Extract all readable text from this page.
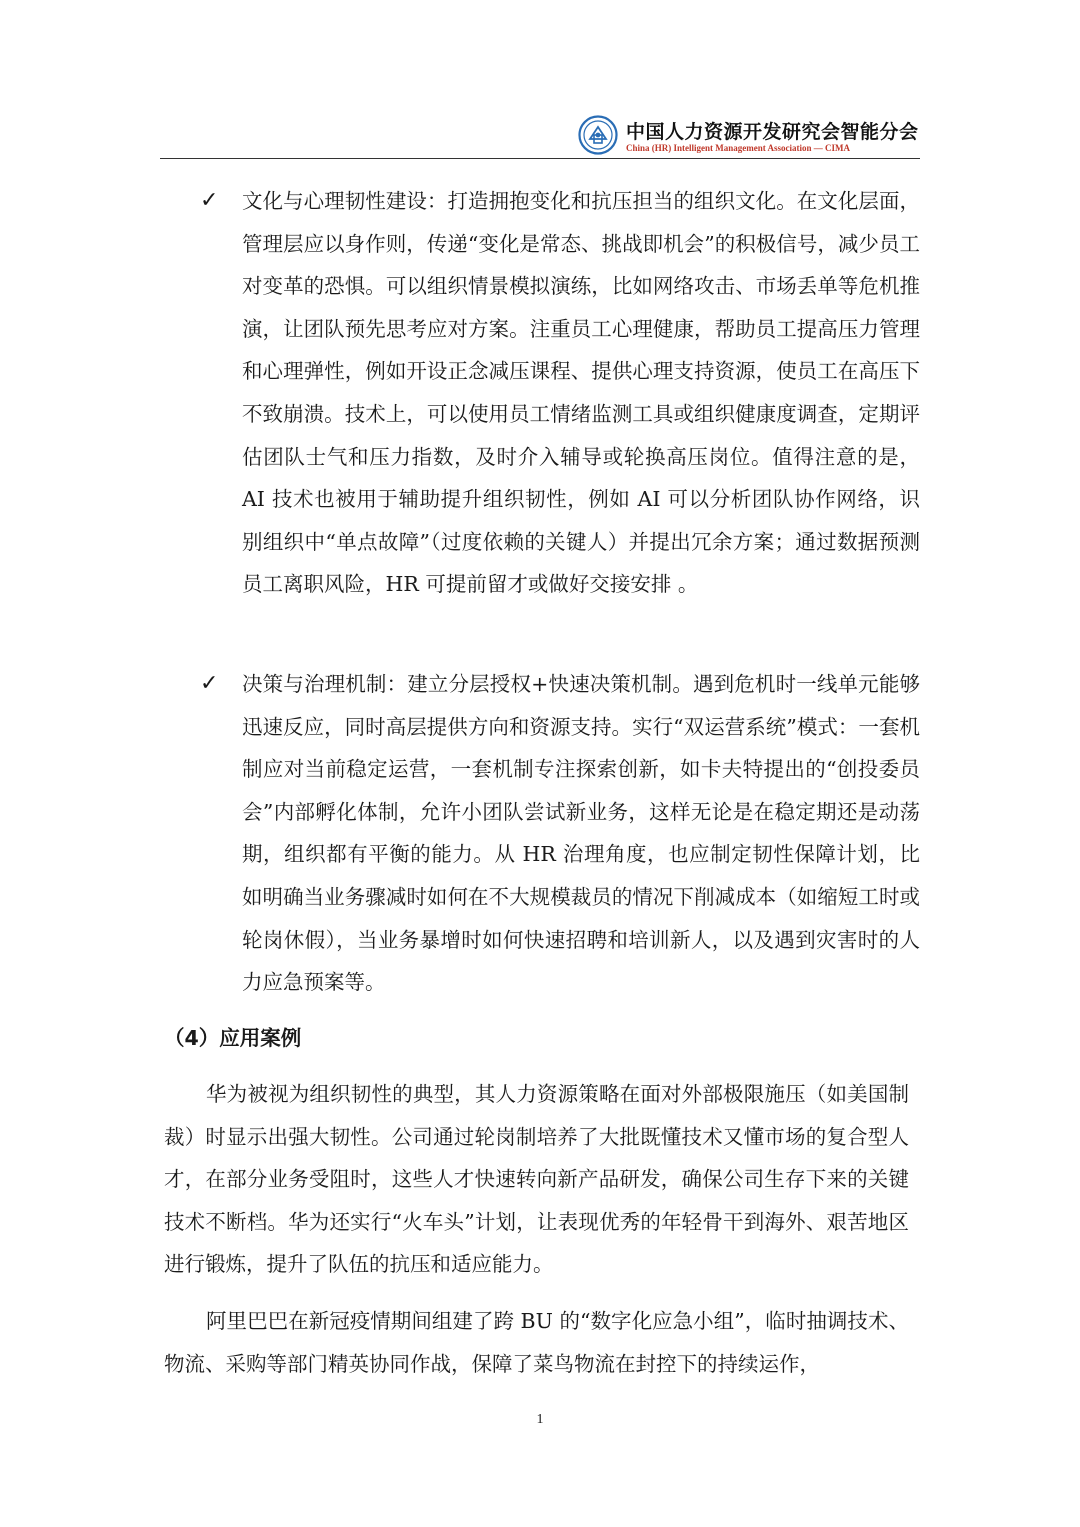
中国人力资源开发研究会智能分会
China (HR) Intelligent Management Association — CIMA
✓	文化与心理韧性建设：打造拥抱变化和抗压担当的组织文化。在文化层面，管理层应以身作则，传递“变化是常态、挑战即机会”的积极信号，减少员工对变革的恐惧。可以组织情景模拟演练，比如网络攻击、市场丢单等危机推演，让团队预先思考应对方案。注重员工心理健康，帮助员工提高压力管理和心理弹性，例如开设正念减压课程、提供心理支持资源，使员工在高压下不致崩溃。技术上，可以使用员工情绪监测工具或组织健康度调查，定期评估团队士气和压力指数，及时介入辅导或轮换高压岗位。值得注意的是，AI 技术也被用于辅助提升组织韧性，例如 AI 可以分析团队协作网络，识别组织中“单点故障”（过度依赖的关键人）并提出冗余方案；通过数据预测员工离职风险，HR 可提前留才或做好交接安排 。
✓	决策与治理机制：建立分层授权+快速决策机制。遇到危机时一线单元能够迅速反应，同时高层提供方向和资源支持。实行“双运营系统”模式：一套机制应对当前稳定运营，一套机制专注探索创新，如卡夫特提出的“创投委员会”内部孵化体制，允许小团队尝试新业务，这样无论是在稳定期还是动荡期，组织都有平衡的能力。从 HR 治理角度，也应制定韧性保障计划，比如明确当业务骤减时如何在不大规模裁员的情况下削减成本（如缩短工时或轮岗休假），当业务暴增时如何快速招聘和培训新人，以及遇到灾害时的人力应急预案等。
（4）应用案例
华为被视为组织韧性的典型，其人力资源策略在面对外部极限施压（如美国制裁）时显示出强大韧性。公司通过轮岗制培养了大批既懂技术又懂市场的复合型人才，在部分业务受阻时，这些人才快速转向新产品研发，确保公司生存下来的关键技术不断档。华为还实行“火车头”计划，让表现优秀的年轻骨干到海外、艰苦地区进行锻炼，提升了队伍的抗压和适应能力。
阿里巴巴在新冠疫情期间组建了跨 BU 的“数字化应急小组”，临时抽调技术、物流、采购等部门精英协同作战，保障了菜鸟物流在封控下的持续运作，
1
